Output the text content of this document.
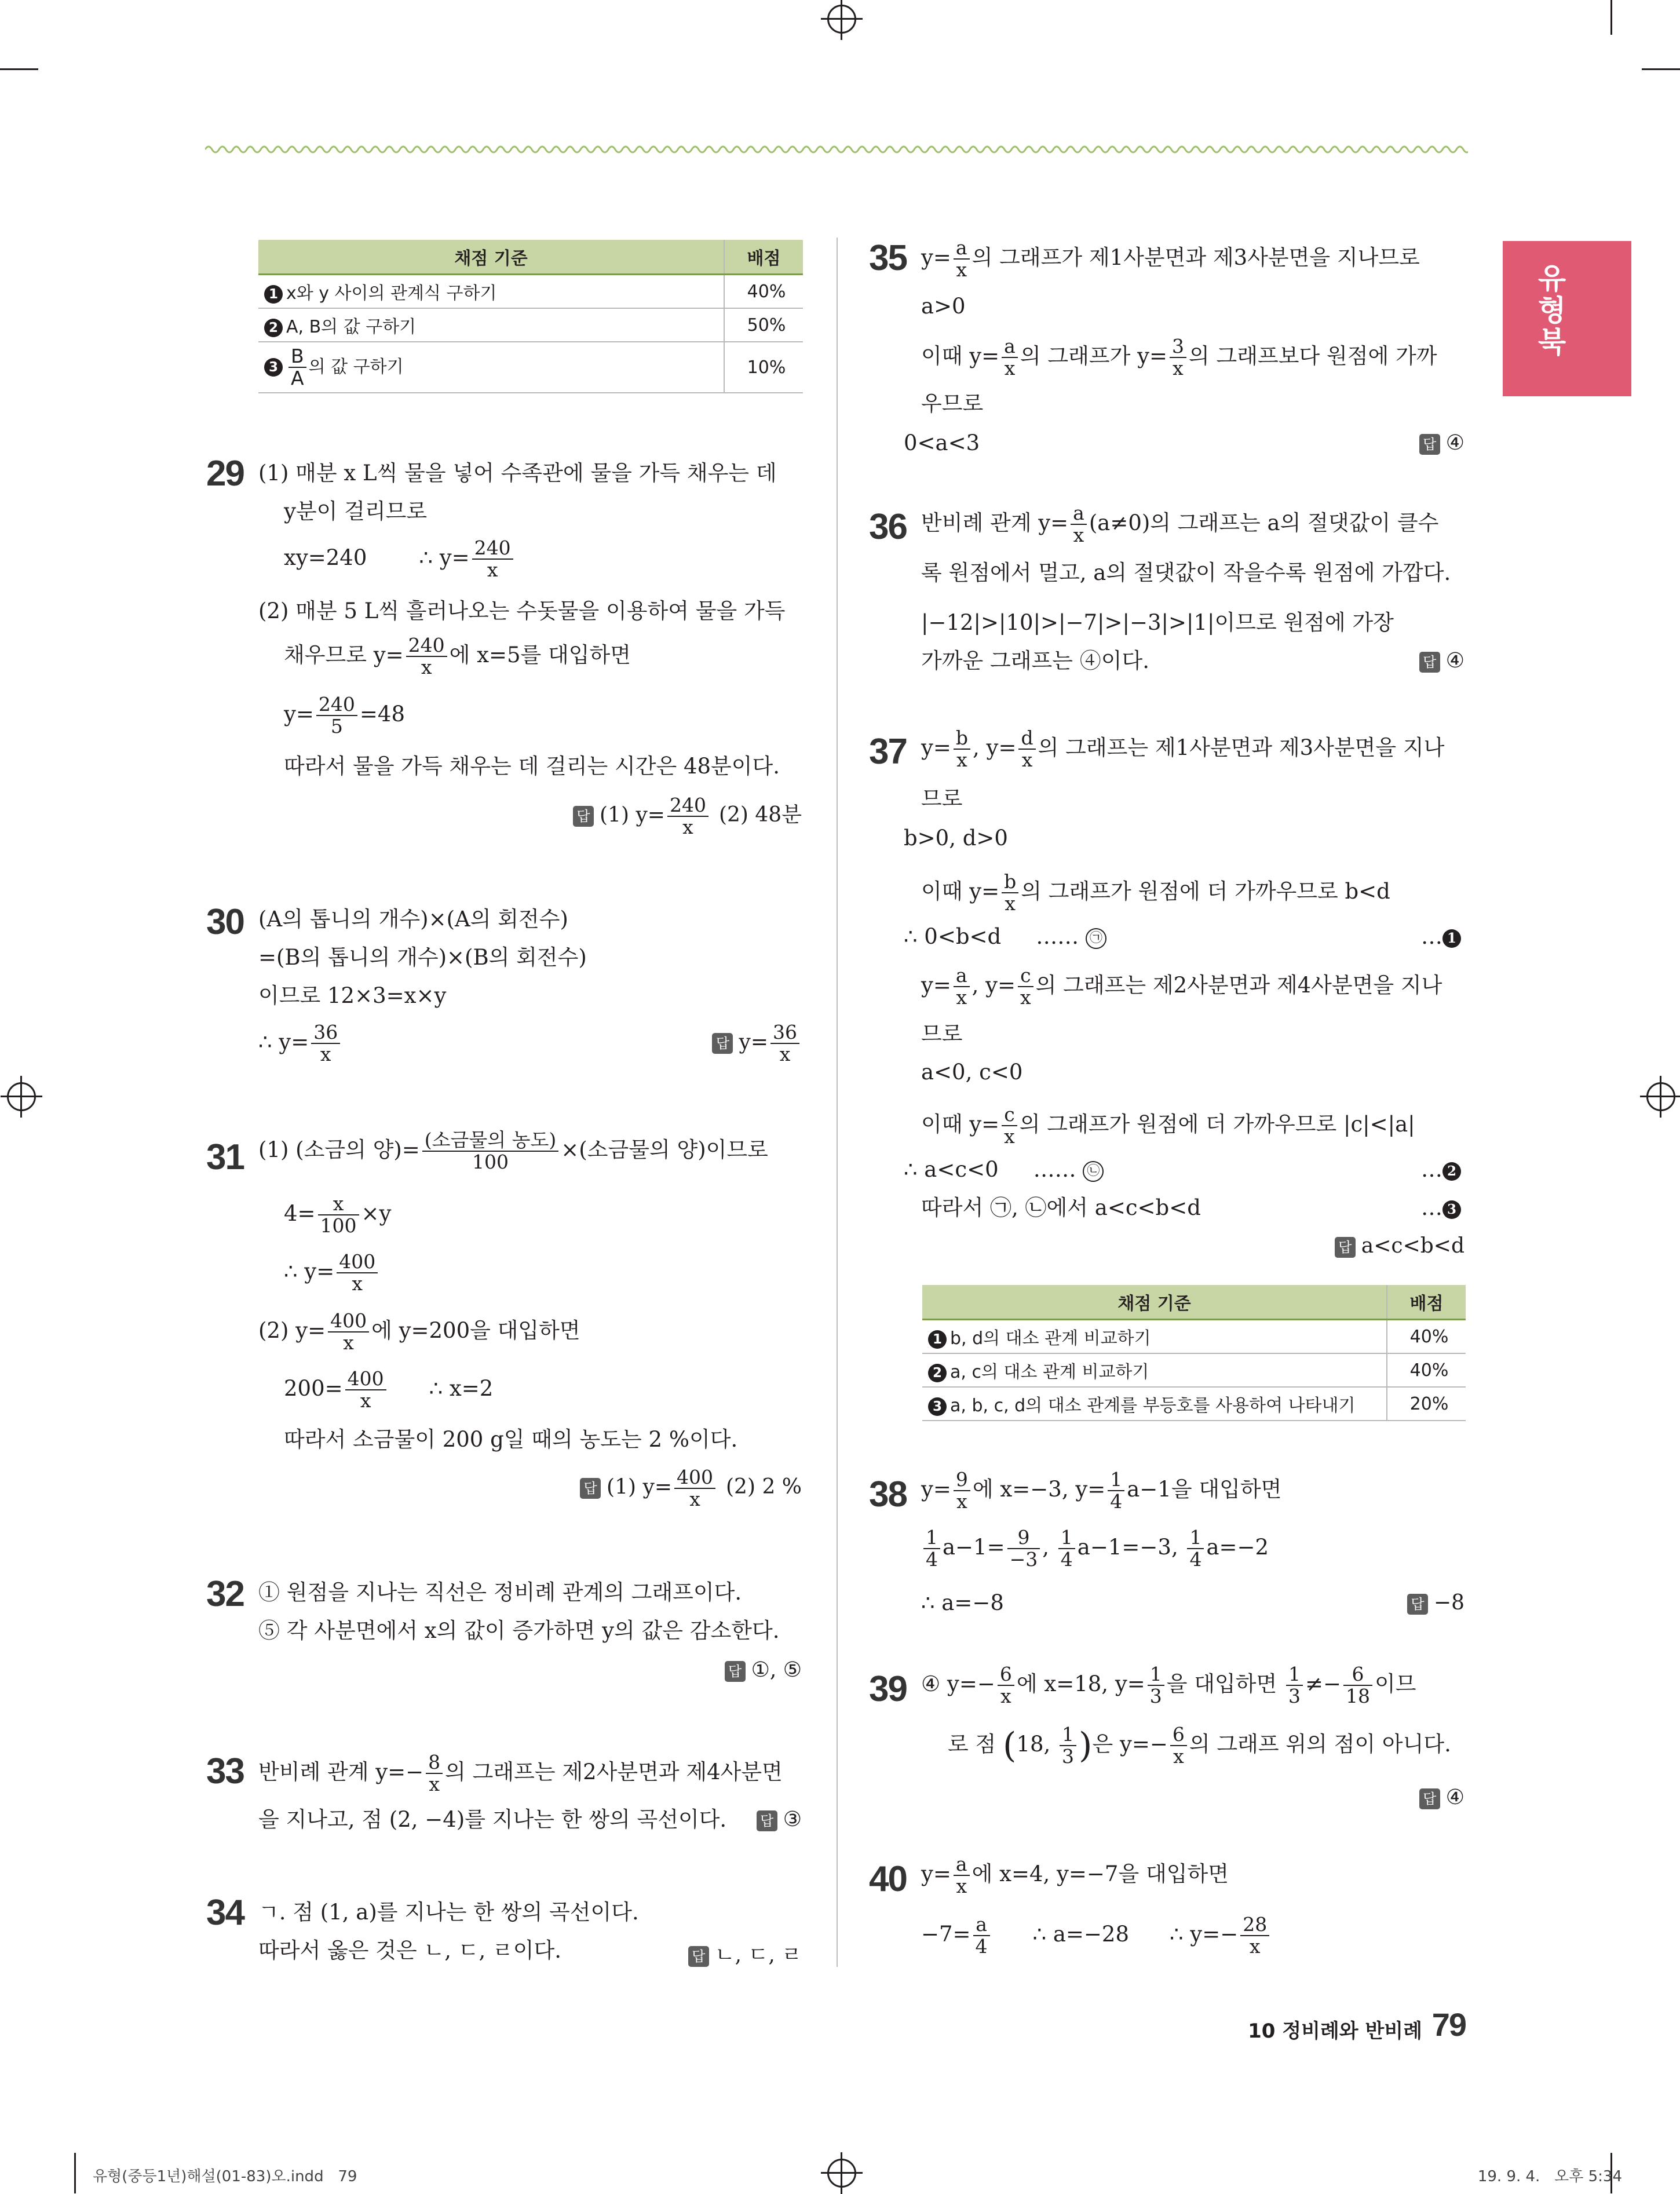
유형북
채점 기준	배점
1 x와 y 사이의 관계식 구하기	40%
2 A, B의 값 구하기	50%
$3 \frac{B}{A}$ 의 값 구하기	10%
29 (1) 매분 x L씩 물을 넣어 수족관에 물을 가득 채우는 데
y분이 걸리므로
xy=240 ∴ $y= \frac{240}{x}$
(2) 매분 5 L씩 흘러나오는 수돗물을 이용하여 물을 가득
채우므로 $y= \frac{240}{x}$ 에 x=5를 대입하면
$y= \frac{240}{5} =48$
따라서 물을 가득 채우는 데 걸리는 시간은 48분이다.
답 (1) $y= \frac{240}{x} (2)$ 48분
30 (A의 톱니의 개수)×(A의 회전수)
=(B의 톱니의 개수)×(B의 회전수)
이므로 12×3=x×y
∴ $y= \frac{36}{x}$	답 $y= \frac{36}{x}$
31 (1) (소금의 양)= $\frac{\text{(소금물의 농도)}}{100}$ ×(소금물의 양)이므로
$4= \frac{x}{100} \times y$
∴ $y= \frac{400}{x}$
(2) $y= \frac{400}{x}$ 에 y=200을 대입하면
$200= \frac{400}{x}$ ∴ x=2
따라서 소금물이 200 g일 때의 농도는 2 %이다.
답 (1) $y= \frac{400}{x} (2)$ 2 %
32 ① 원점을 지나는 직선은 정비례 관계의 그래프이다.
⑤ 각 사분면에서 x의 값이 증가하면 y의 값은 감소한다.
답 ①, ⑤
33 반비례 관계 $y=- \frac{8}{x}$ 의 그래프는 제2사분면과 제4사분면
을 지나고, 점 (2, −4)를 지나는 한 쌍의 곡선이다. 답 ③
34 ㄱ. 점 (1, a)를 지나는 한 쌍의 곡선이다.
따라서 옳은 것은 ㄴ, ㄷ, ㄹ이다.	답 ㄴ, ㄷ, ㄹ
35 $y= \frac{a}{x}$ 의 그래프가 제1사분면과 제3사분면을 지나므로
a>0
이때 $y= \frac{a}{x}$ 의 그래프가 $y= \frac{3}{x}$ 의 그래프보다 원점에 가까
우므로
0<a<3	답 ④
36 반비례 관계 $y= \frac{a}{x} (a\ne 0)$의 그래프는 a의 절댓값이 클수
록 원점에서 멀고, a의 절댓값이 작을수록 원점에 가깝다.
|−12|>|10|>|−7|>|−3|>|1|이므로 원점에 가장
가까운 그래프는 ④이다.	답 ④
37 $y= \frac{b}{x}$ , $y= \frac{d}{x}$ 의 그래프는 제1사분면과 제3사분면을 지나
므로
b>0, d>0
이때 $y= \frac{b}{x}$ 의 그래프가 원점에 더 가까우므로 b<d
∴ 0<b<d …… ㉠	… 1
$y= \frac{a}{x}$ , $y= \frac{c}{x}$ 의 그래프는 제2사분면과 제4사분면을 지나
므로
a<0, c<0
이때 $y= \frac{c}{x}$ 의 그래프가 원점에 더 가까우므로 |c|<|a|
∴ a<c<0 …… ㉡	… 2
따라서 ㉠, ㉡에서 a<c<b<d	… 3
답 a<c<b<d
채점 기준	배점
1 b, d의 대소 관계 비교하기	40%
2 a, c의 대소 관계 비교하기	40%
3 a, b, c, d의 대소 관계를 부등호를 사용하여 나타내기	20%
38 $y= \frac{9}{x}$ 에 x=−3, $y= \frac{1}{4} a-1$을 대입하면
$\frac{1}{4} a-1= \frac{9}{-3}$ , $\frac{1}{4} a-1=-3$, $\frac{1}{4} a=-2$
∴ a=−8	답 −8
39 ④ $y=- \frac{6}{x}$ 에 x=18, $y= \frac{1}{3}$ 을 대입하면 $\frac{1}{3} \ne- \frac{6}{18}$ 이므
로 점 (18, $\frac{1}{3}$ )은 $y=- \frac{6}{x}$ 의 그래프 위의 점이 아니다.
답 ④
40 $y= \frac{a}{x}$ 에 x=4, y=−7을 대입하면
$-7= \frac{a}{4}$ ∴ a=−28 ∴ $y=- \frac{28}{x}$
10 정비례와 반비례 79
유형(중등1년)해설(01-83)오.indd   79	19. 9. 4.   오후 5:34
